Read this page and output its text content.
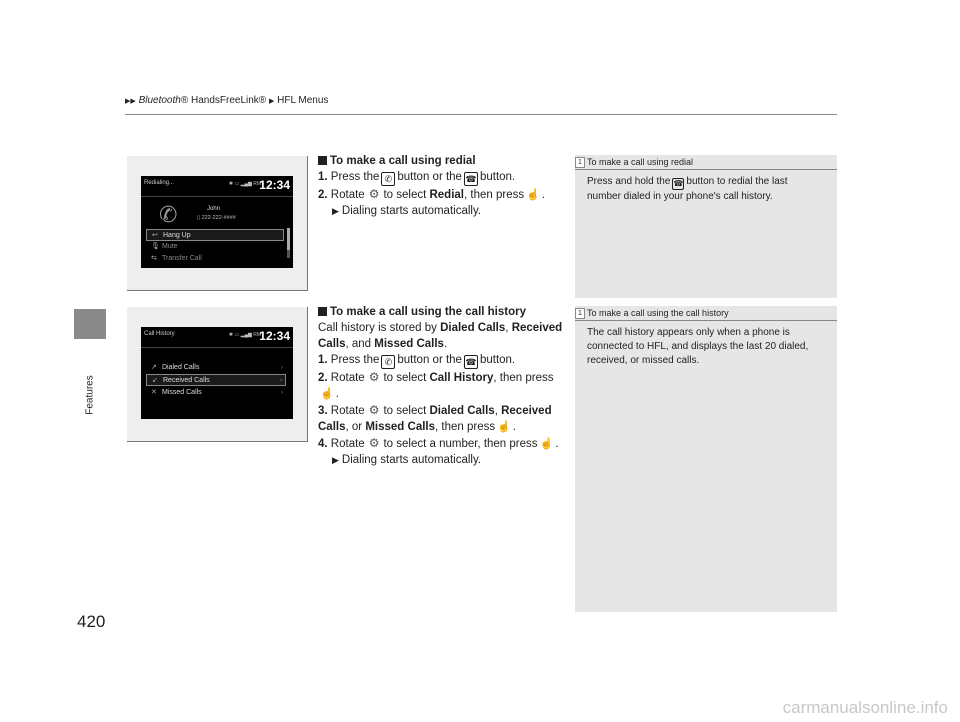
▶▶ Bluetooth® HandsFreeLink® ▶ HFL Menus
Features
420
Redialing...	✱ ▭ ▂▄▆ RM
12:34
✆	John
▯ 222-222-####
↩ Hang Up
🎙 Mute
⇆ Transfer Call
To make a call using redial
1. Press the ✆ button or the ☎ button.
2. Rotate ⚙ to select Redial, then press ☝ .
▶ Dialing starts automatically.
1 To make a call using redial
Press and hold the ☎ button to redial the last number dialed in your phone's call history.
Call History	✱ ▭ ▂▄▆ RM
12:34
↗ Dialed Calls	›
↙ Received Calls	›
✕ Missed Calls	›
To make a call using the call history
Call history is stored by Dialed Calls, Received Calls, and Missed Calls.
1. Press the ✆ button or the ☎ button.
2. Rotate ⚙ to select Call History, then press☝ .
3. Rotate ⚙ to select Dialed Calls, Received Calls, or Missed Calls, then press ☝ .
4. Rotate ⚙ to select a number, then press ☝ .
▶ Dialing starts automatically.
1 To make a call using the call history
The call history appears only when a phone is connected to HFL, and displays the last 20 dialed, received, or missed calls.
carmanualsonline.info
